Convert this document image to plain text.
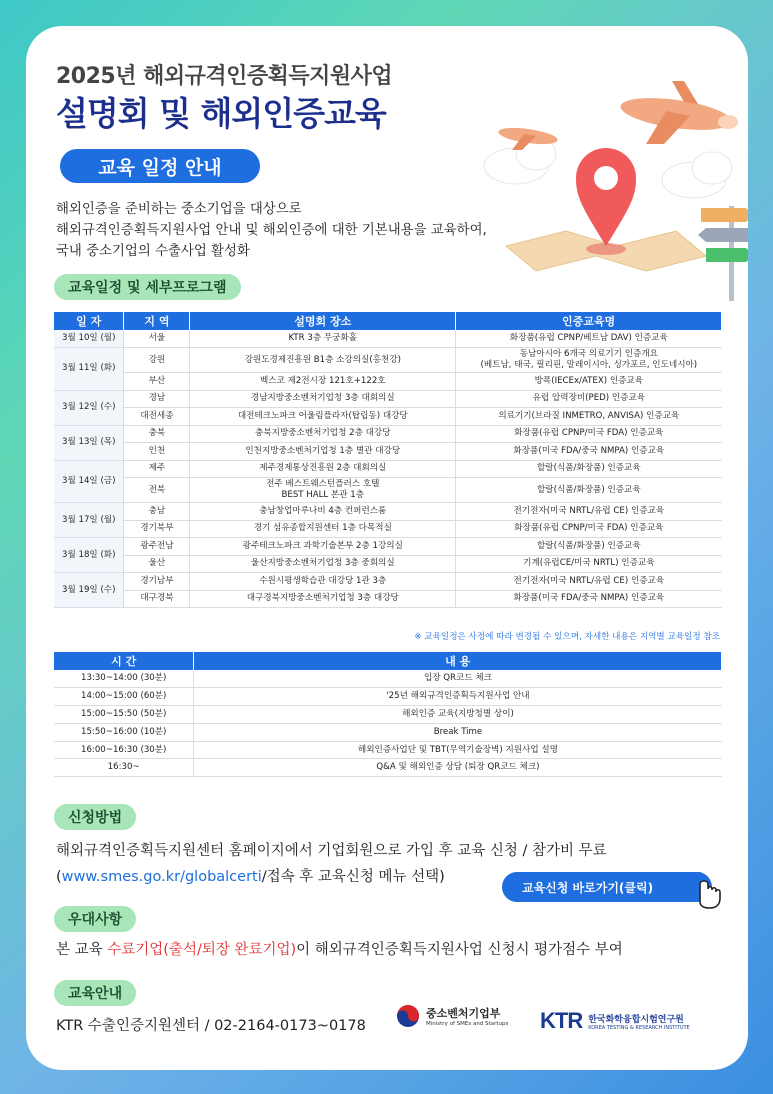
2025년 해외규격인증획득지원사업
설명회 및 해외인증교육
교육 일정 안내
해외인증을 준비하는 중소기업을 대상으로
해외규격인증획득지원사업 안내 및 해외인증에 대한 기본내용을 교육하여,
국내 중소기업의 수출사업 활성화
교육일정 및 세부프로그램
일 자	지 역	설명회 장소	인증교육명
3월 10일 (월)	서울	KTR 3층 무궁화홀	화장품(유럽 CPNP/베트남 DAV) 인증교육

3월 11일 (화)	강원	강원도경제진흥원 B1층 소강의실(홍천강)	동남아시아 6개국 의료기기 인증개요
(베트남, 태국, 필리핀, 말레이시아, 싱가포르, 인도네시아)

	부산	벡스코 제2전시장 121호+122호	방폭(IECEx/ATEX) 인증교육

3월 12일 (수)	경남	경남지방중소벤처기업청 3층 대회의실	유럽 압력장비(PED) 인증교육

	대전세종	대전테크노파크 어울림플라자(탑립동) 대강당	의료기기(브라질 INMETRO, ANVISA) 인증교육

3월 13일 (목)	충북	충북지방중소벤처기업청 2층 대강당	화장품(유럽 CPNP/미국 FDA) 인증교육

	인천	인천지방중소벤처기업청 1층 별관 대강당	화장품(미국 FDA/중국 NMPA) 인증교육

3월 14일 (금)	제주	제주경제통상진흥원 2층 대회의실	할랄(식품/화장품) 인증교육

	전북	전주 베스트웨스턴플러스 호텔
BEST HALL 본관 1층	할랄(식품/화장품) 인증교육

3월 17일 (월)	충남	충남창업마루나비 4층 컨퍼런스룸	전기전자(미국 NRTL/유럽 CE) 인증교육

	경기북부	경기 섬유종합지원센터 1층 다목적실	화장품(유럽 CPNP/미국 FDA) 인증교육

3월 18일 (화)	광주전남	광주테크노파크 과학기술본부 2층 1강의실	할랄(식품/화장품) 인증교육

	울산	울산지방중소벤처기업청 3층 중회의실	기계(유럽CE/미국 NRTL) 인증교육

3월 19일 (수)	경기남부	수원시평생학습관 대강당 1관 3층	전기전자(미국 NRTL/유럽 CE) 인증교육

	대구경북	대구경북지방중소벤처기업청 3층 대강당	화장품(미국 FDA/중국 NMPA) 인증교육
※ 교육일정은 사정에 따라 변경될 수 있으며, 자세한 내용은 지역별 교육일정 참조
시 간	내 용
13:30~14:00 (30분)	입장 QR코드 체크
14:00~15:00 (60분)	'25년 해외규격인증획득지원사업 안내
15:00~15:50 (50분)	해외인증 교육(지방청별 상이)
15:50~16:00 (10분)	Break Time
16:00~16:30 (30분)	해외인증사업단 및 TBT(무역기술장벽) 지원사업 설명
16:30~	Q&A 및 해외인증 상담 (퇴장 QR코드 체크)
신청방법
해외규격인증획득지원센터 홈페이지에서 기업회원으로 가입 후 교육 신청 / 참가비 무료
(www.smes.go.kr/globalcerti/접속 후 교육신청 메뉴 선택)
교육신청 바로가기(클릭)
우대사항
본 교육 수료기업(출석/퇴장 완료기업)이 해외규격인증획득지원사업 신청시 평가점수 부여
교육안내
KTR 수출인증지원센터 / 02-2164-0173~0178
중소벤처기업부
Ministry of SMEs and Startups KTR 한국화학융합시험연구원
KOREA TESTING & RESEARCH INSTITUTE
